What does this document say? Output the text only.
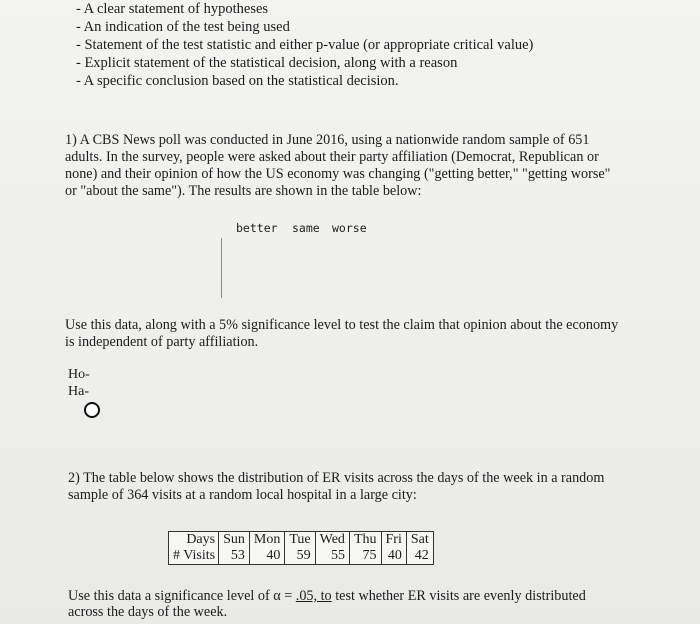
- A clear statement of hypotheses
- An indication of the test being used
- Statement of the test statistic and either p-value (or appropriate critical value)
- Explicit statement of the statistical decision, along with a reason
- A specific conclusion based on the statistical decision.

1) A CBS News poll was conducted in June 2016, using a nationwide random sample of 651 adults. In the survey, people were asked about their party affiliation (Democrat, Republican or none) and their opinion of how the US economy was changing ("getting better," "getting worse" or "about the same"). The results are shown in the table below:

better same worse

Use this data, along with a 5% significance level to test the claim that opinion about the economy is independent of party affiliation.

Ho-
Ha-

2) The table below shows the distribution of ER visits across the days of the week in a random sample of 364 visits at a random local hospital in a large city:

Days	Sun	Mon	Tue	Wed	Thu	Fri	Sat
# Visits	53	40	59	55	75	40	42

Use this data a significance level of α = .05, to test whether ER visits are evenly distributed across the days of the week.
